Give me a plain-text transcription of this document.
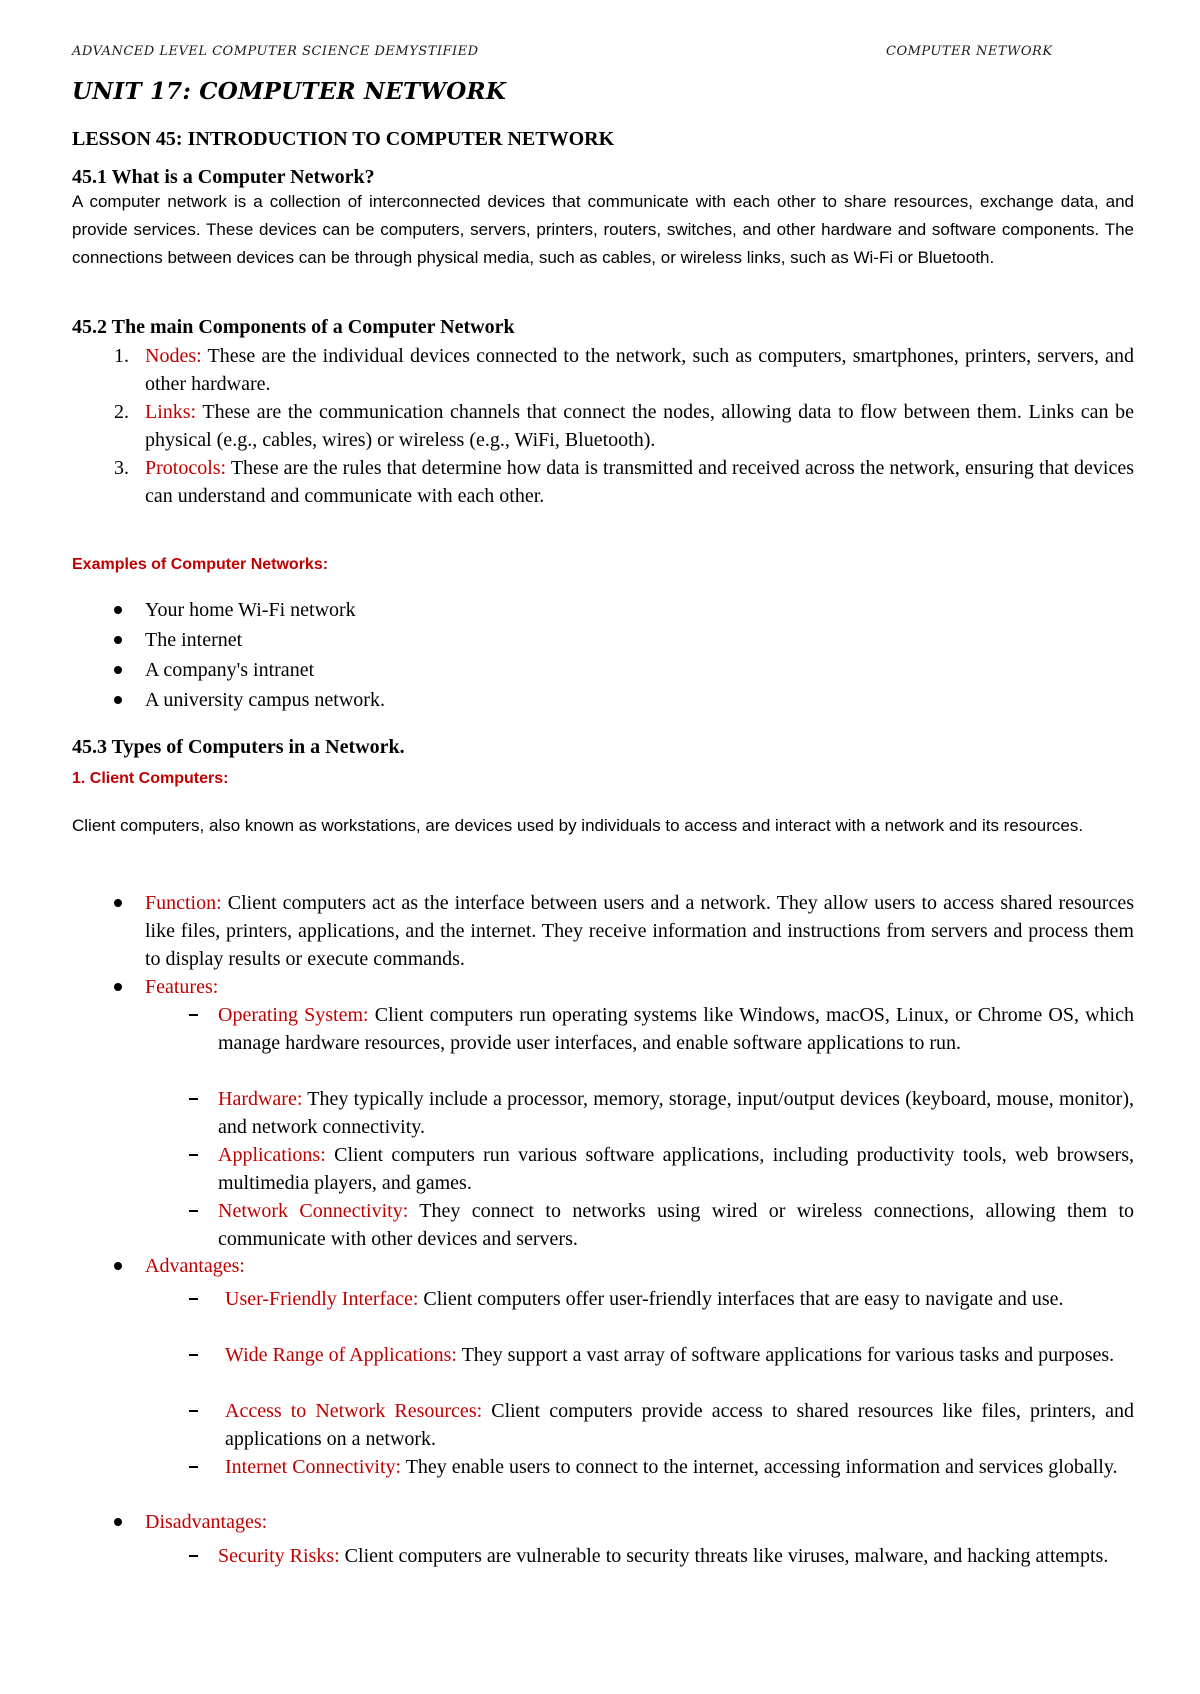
ADVANCED LEVEL COMPUTER SCIENCE DEMYSTIFIED	COMPUTER NETWORK
UNIT 17: COMPUTER NETWORK
LESSON 45: INTRODUCTION TO COMPUTER NETWORK
45.1 What is a Computer Network?
A computer network is a collection of interconnected devices that communicate with each other to share resources, exchange data, and provide services. These devices can be computers, servers, printers, routers, switches, and other hardware and software components. The connections between devices can be through physical media, such as cables, or wireless links, such as Wi-Fi or Bluetooth.
45.2 The main Components of a Computer Network
1. Nodes: These are the individual devices connected to the network, such as computers, smartphones, printers, servers, and other hardware.
2. Links: These are the communication channels that connect the nodes, allowing data to flow between them. Links can be physical (e.g., cables, wires) or wireless (e.g., WiFi, Bluetooth).
3. Protocols: These are the rules that determine how data is transmitted and received across the network, ensuring that devices can understand and communicate with each other.
Examples of Computer Networks:
Your home Wi-Fi network
The internet
A company's intranet
A university campus network.
45.3 Types of Computers in a Network.
1. Client Computers:
Client computers, also known as workstations, are devices used by individuals to access and interact with a network and its resources.
Function: Client computers act as the interface between users and a network. They allow users to access shared resources like files, printers, applications, and the internet. They receive information and instructions from servers and process them to display results or execute commands.
Features:
Operating System: Client computers run operating systems like Windows, macOS, Linux, or Chrome OS, which manage hardware resources, provide user interfaces, and enable software applications to run.
Hardware: They typically include a processor, memory, storage, input/output devices (keyboard, mouse, monitor), and network connectivity.
Applications: Client computers run various software applications, including productivity tools, web browsers, multimedia players, and games.
Network Connectivity: They connect to networks using wired or wireless connections, allowing them to communicate with other devices and servers.
Advantages:
User-Friendly Interface: Client computers offer user-friendly interfaces that are easy to navigate and use.
Wide Range of Applications: They support a vast array of software applications for various tasks and purposes.
Access to Network Resources: Client computers provide access to shared resources like files, printers, and applications on a network.
Internet Connectivity: They enable users to connect to the internet, accessing information and services globally.
Disadvantages:
Security Risks: Client computers are vulnerable to security threats like viruses, malware, and hacking attempts.
